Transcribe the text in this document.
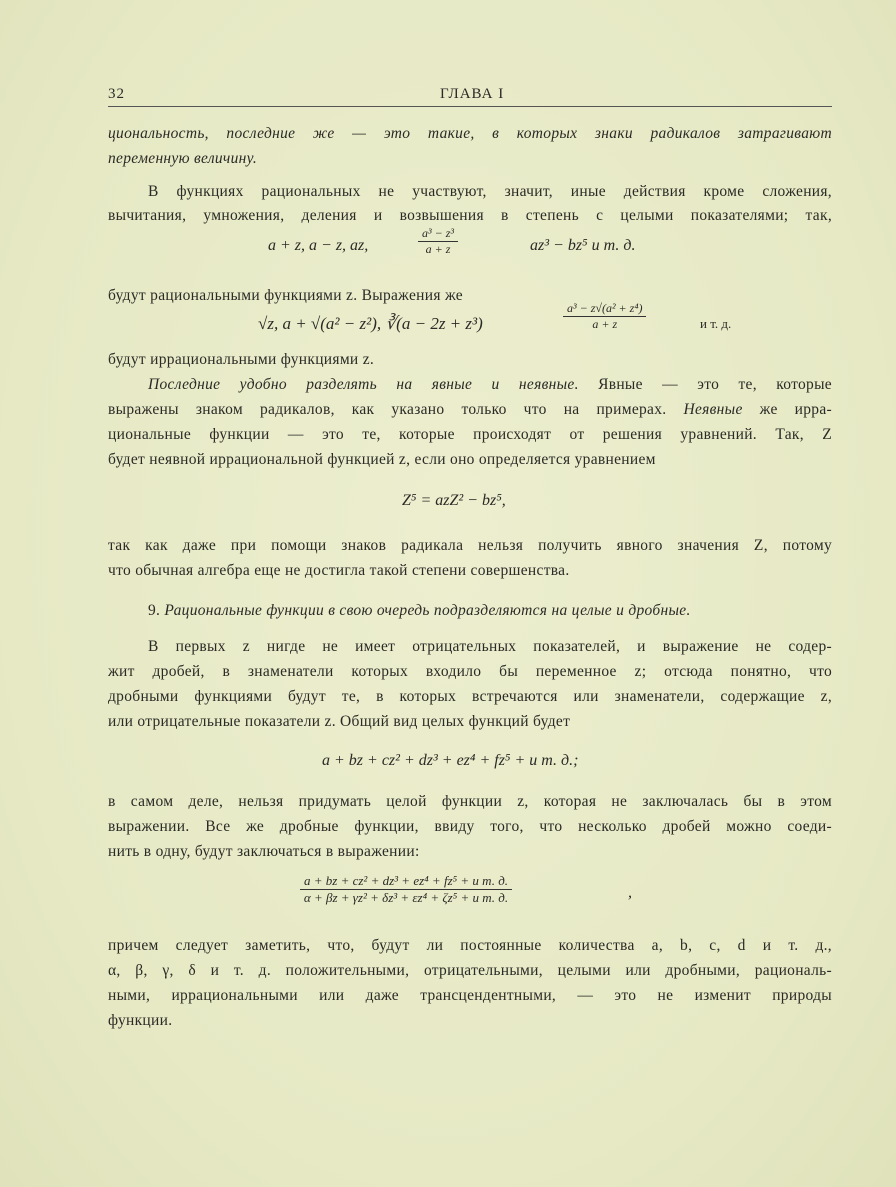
32	ГЛАВА I
циональность, последние же — это такие, в которых знаки радикалов затрагивают
переменную величину.
В функциях рациональных не участвуют, значит, иные действия кроме сложения,
вычитания, умножения, деления и возвышения в степень с целыми показателями; так,
a + z, a − z, az,	$\frac{\text{a³ − z³}}{a + z}$	az³ − bz⁵ и т. д.
будут рациональными функциями z. Выражения же
√z, a + √(a² − z²), ∛(a − 2z + z³)	$\frac{\text{a³ − z√(a² + z⁴)}}{a + z}$	и т. д.
будут иррациональными функциями z.
Последние удобно разделять на явные и неявные. Явные — это те, которые
выражены знаком радикалов, как указано только что на примерах. Неявные же ирра-
циональные функции — это те, которые происходят от решения уравнений. Так, Z
будет неявной иррациональной функцией z, если оно определяется уравнением
Z⁵ = azZ² − bz⁵,
так как даже при помощи знаков радикала нельзя получить явного значения Z, потому
что обычная алгебра еще не достигла такой степени совершенства.
9. Рациональные функции в свою очередь подразделяются на целые и дробные.
В первых z нигде не имеет отрицательных показателей, и выражение не содер-
жит дробей, в знаменатели которых входило бы переменное z; отсюда понятно, что
дробными функциями будут те, в которых встречаются или знаменатели, содержащие z,
или отрицательные показатели z. Общий вид целых функций будет
a + bz + cz² + dz³ + ez⁴ + fz⁵ + и т. д.;
в самом деле, нельзя придумать целой функции z, которая не заключалась бы в этом
выражении. Все же дробные функции, ввиду того, что несколько дробей можно соеди-
нить в одну, будут заключаться в выражении:
a + bz + cz² + dz³ + ez⁴ + fz⁵ + и т. д.
α + βz + γz² + δz³ + εz⁴ + ζz⁵ + и т. д.	,
причем следует заметить, что, будут ли постоянные количества a, b, c, d и т. д.,
α, β, γ, δ и т. д. положительными, отрицательными, целыми или дробными, рациональ-
ными, иррациональными или даже трансцендентными, — это не изменит природы
функции.
